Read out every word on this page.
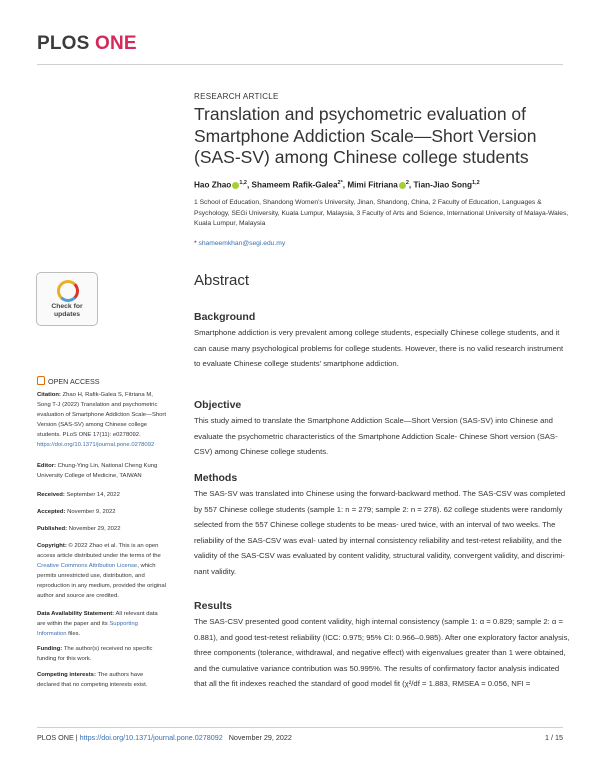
PLOS ONE
RESEARCH ARTICLE
Translation and psychometric evaluation of Smartphone Addiction Scale—Short Version (SAS-SV) among Chinese college students
Hao Zhao $^{1,2}$, Shameem Rafik-Galea$^{2*}$, Mimi Fitriana $^2$, Tian-Jiao Song$^{1,2}$
1 School of Education, Shandong Women’s University, Jinan, Shandong, China, 2 Faculty of Education, Languages & Psychology, SEGi University, Kuala Lumpur, Malaysia, 3 Faculty of Arts and Science, International University of Malaya-Wales, Kuala Lumpur, Malaysia
* shameemkhan@segi.edu.my
Abstract
Background

Smartphone addiction is very prevalent among college students, especially Chinese college students, and it can cause many psychological problems for college students. However, there is no valid research instrument to evaluate Chinese college students’ smartphone addiction.

Objective

This study aimed to translate the Smartphone Addiction Scale—Short Version (SAS-SV) into Chinese and evaluate the psychometric characteristics of the Smartphone Addiction Scale- Chinese Short version (SAS-CSV) among Chinese college students.

Methods

The SAS-SV was translated into Chinese using the forward-backward method. The SAS-CSV was completed by 557 Chinese college students (sample 1: n = 279; sample 2: n = 278). 62 college students were randomly selected from the 557 Chinese college students to be meas- ured twice, with an interval of two weeks. The reliability of the SAS-CSV was eval- uated by internal consistency reliability and test-retest reliability, and the validity of the SAS-CSV was evaluated by content validity, structural validity, convergent validity, and discrimi- nant validity.

Results

The SAS-CSV presented good content validity, high internal consistency (sample 1: α = 0.829; sample 2: α = 0.881), and good test-retest reliability (ICC: 0.975; 95% CI: 0.966–0.985). After one exploratory factor analysis, three components (tolerance, withdrawal, and negative effect) with eigenvalues greater than 1 were obtained, and the cumulative variance contribution was 50.995%. The results of confirmatory factor analysis indicated that all the fit indexes reached the standard of good model fit (χ²/df = 1.883, RMSEA = 0.056, NFI =

Check for
updates
OPEN ACCESS

Citation: Zhao H, Rafik-Galea S, Fitriana M, Song T-J (2022) Translation and psychometric evaluation of Smartphone Addiction Scale—Short Version (SAS-SV) among Chinese college students. PLoS ONE 17(11): e0278092. https://doi.org/10.1371/journal.pone.0278092

Editor: Chung-Ying Lin, National Cheng Kung University College of Medicine, TAIWAN

Received: September 14, 2022

Accepted: November 9, 2022

Published: November 29, 2022

Copyright: © 2022 Zhao et al. This is an open access article distributed under the terms of the Creative Commons Attribution License, which permits unrestricted use, distribution, and reproduction in any medium, provided the original author and source are credited.

Data Availability Statement: All relevant data are within the paper and its Supporting Information files.

Funding: The author(s) received no specific funding for this work.

Competing interests: The authors have declared that no competing interests exist.

PLOS ONE | https://doi.org/10.1371/journal.pone.0278092 November 29, 2022	1 / 15
